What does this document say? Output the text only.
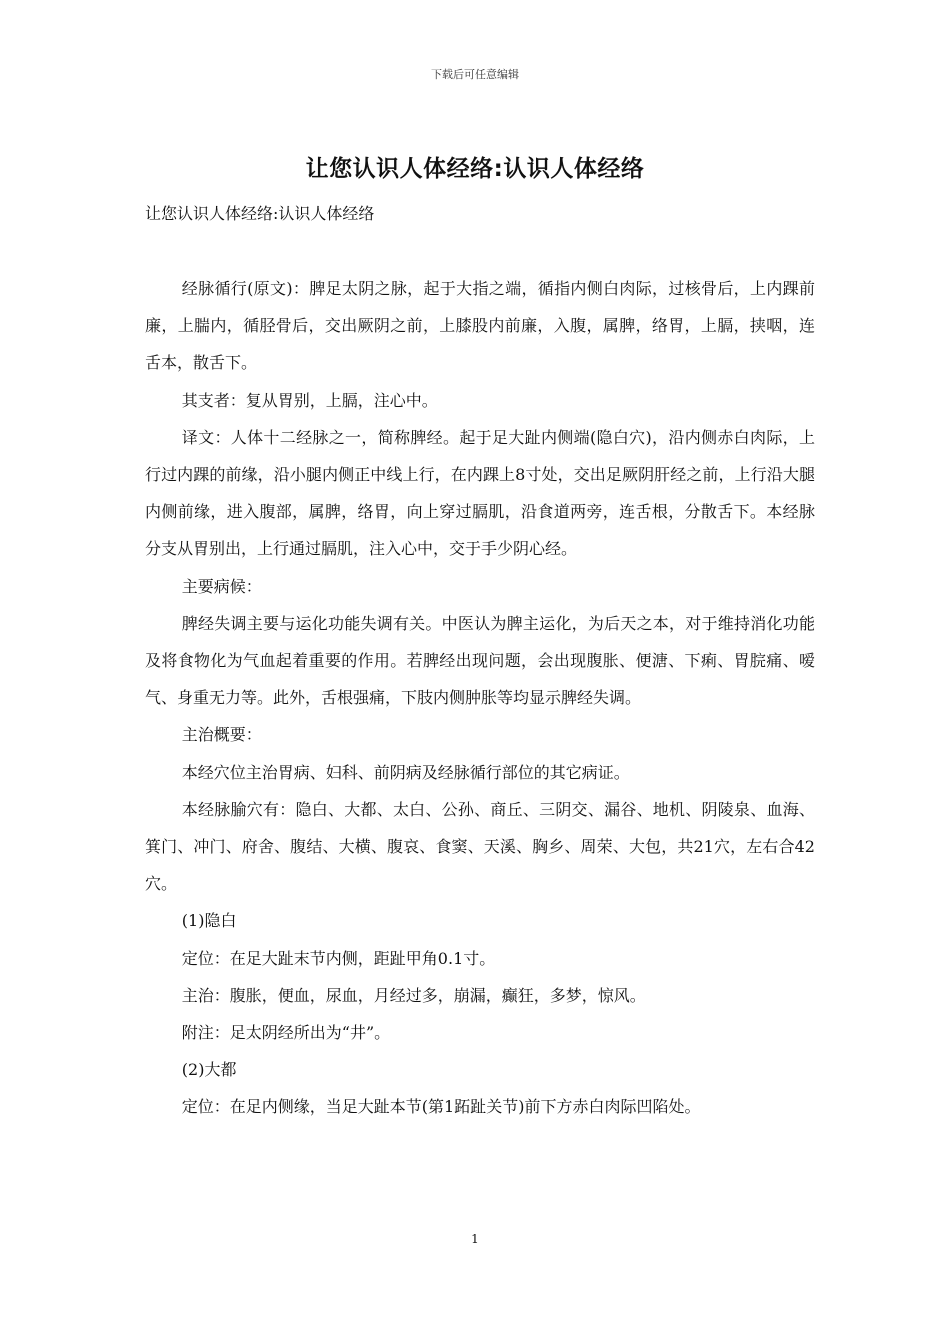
下载后可任意编辑
让您认识人体经络:认识人体经络
让您认识人体经络:认识人体经络

经脉循行(原文)：脾足太阴之脉，起于大指之端，循指内侧白肉际，过核骨后，上内踝前廉，上腨内，循胫骨后，交出厥阴之前，上膝股内前廉，入腹，属脾，络胃，上膈，挟咽，连舌本，散舌下。

其支者：复从胃别，上膈，注心中。

译文：人体十二经脉之一，简称脾经。起于足大趾内侧端(隐白穴)，沿内侧赤白肉际，上行过内踝的前缘，沿小腿内侧正中线上行，在内踝上8寸处，交出足厥阴肝经之前，上行沿大腿内侧前缘，进入腹部，属脾，络胃，向上穿过膈肌，沿食道两旁，连舌根，分散舌下。本经脉分支从胃别出，上行通过膈肌，注入心中，交于手少阴心经。

主要病候：

脾经失调主要与运化功能失调有关。中医认为脾主运化，为后天之本，对于维持消化功能及将食物化为气血起着重要的作用。若脾经出现问题，会出现腹胀、便溏、下痢、胃脘痛、嗳气、身重无力等。此外，舌根强痛，下肢内侧肿胀等均显示脾经失调。

主治概要：

本经穴位主治胃病、妇科、前阴病及经脉循行部位的其它病证。

本经脉腧穴有：隐白、大都、太白、公孙、商丘、三阴交、漏谷、地机、阴陵泉、血海、箕门、冲门、府舍、腹结、大横、腹哀、食窦、天溪、胸乡、周荣、大包，共21穴，左右合42穴。

(1)隐白

定位：在足大趾末节内侧，距趾甲角0.1寸。

主治：腹胀，便血，尿血，月经过多，崩漏，癫狂，多梦，惊风。

附注：足太阴经所出为“井”。

(2)大都

定位：在足内侧缘，当足大趾本节(第1跖趾关节)前下方赤白肉际凹陷处。

1
